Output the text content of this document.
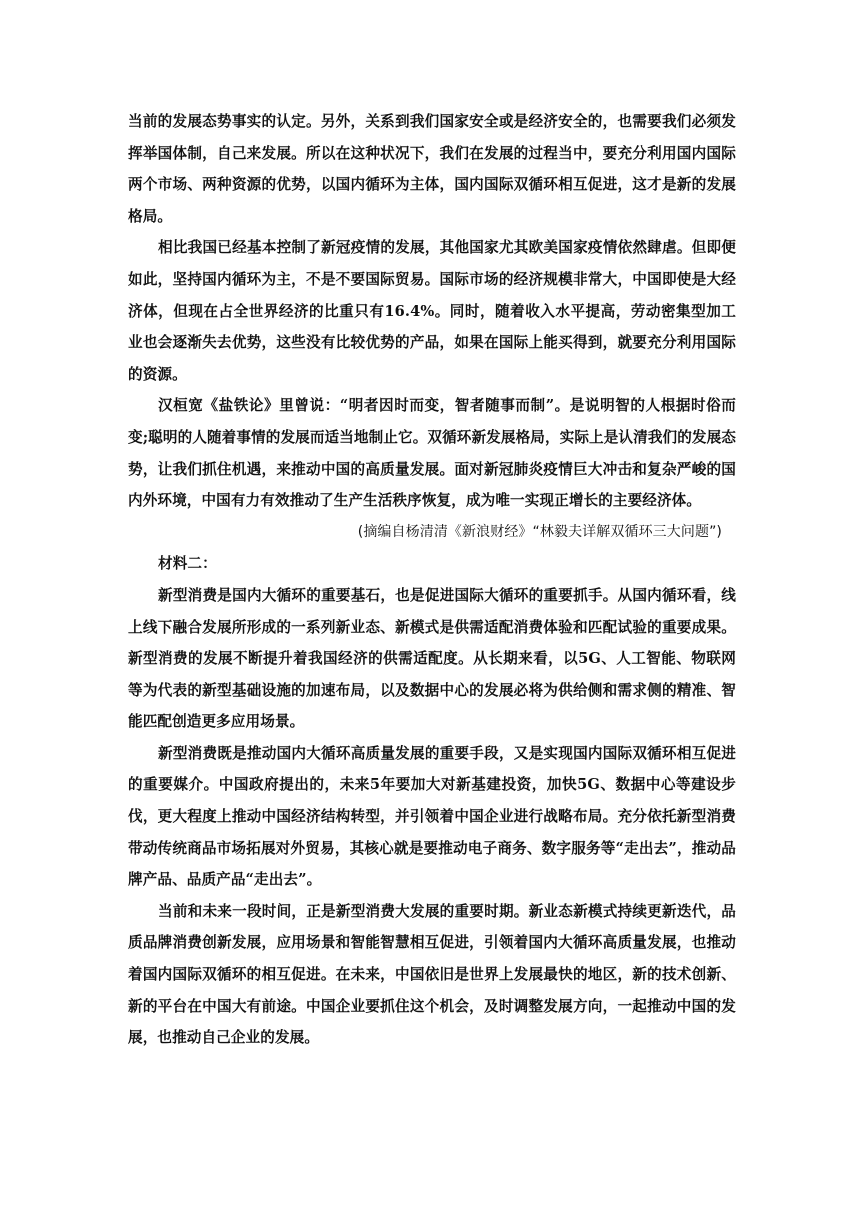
当前的发展态势事实的认定。另外，关系到我们国家安全或是经济安全的，也需要我们必须发挥举国体制，自己来发展。所以在这种状况下，我们在发展的过程当中，要充分利用国内国际两个市场、两种资源的优势，以国内循环为主体，国内国际双循环相互促进，这才是新的发展格局。

相比我国已经基本控制了新冠疫情的发展，其他国家尤其欧美国家疫情依然肆虐。但即便如此，坚持国内循环为主，不是不要国际贸易。国际市场的经济规模非常大，中国即使是大经济体，但现在占全世界经济的比重只有16.4%。同时，随着收入水平提高，劳动密集型加工业也会逐渐失去优势，这些没有比较优势的产品，如果在国际上能买得到，就要充分利用国际的资源。

汉桓宽《盐铁论》里曾说：“明者因时而变，智者随事而制”。是说明智的人根据时俗而变;聪明的人随着事情的发展而适当地制止它。双循环新发展格局，实际上是认清我们的发展态势，让我们抓住机遇，来推动中国的高质量发展。面对新冠肺炎疫情巨大冲击和复杂严峻的国内外环境，中国有力有效推动了生产生活秩序恢复，成为唯一实现正增长的主要经济体。

(摘编自杨清清《新浪财经》“林毅夫详解双循环三大问题”)

材料二：

新型消费是国内大循环的重要基石，也是促进国际大循环的重要抓手。从国内循环看，线上线下融合发展所形成的一系列新业态、新模式是供需适配消费体验和匹配试验的重要成果。新型消费的发展不断提升着我国经济的供需适配度。从长期来看，以5G、人工智能、物联网等为代表的新型基础设施的加速布局，以及数据中心的发展必将为供给侧和需求侧的精准、智能匹配创造更多应用场景。

新型消费既是推动国内大循环高质量发展的重要手段，又是实现国内国际双循环相互促进的重要媒介。中国政府提出的，未来5年要加大对新基建投资，加快5G、数据中心等建设步伐，更大程度上推动中国经济结构转型，并引领着中国企业进行战略布局。充分依托新型消费带动传统商品市场拓展对外贸易，其核心就是要推动电子商务、数字服务等“走出去”，推动品牌产品、品质产品“走出去”。

当前和未来一段时间，正是新型消费大发展的重要时期。新业态新模式持续更新迭代，品质品牌消费创新发展，应用场景和智能智慧相互促进，引领着国内大循环高质量发展，也推动着国内国际双循环的相互促进。在未来，中国依旧是世界上发展最快的地区，新的技术创新、新的平台在中国大有前途。中国企业要抓住这个机会，及时调整发展方向，一起推动中国的发展，也推动自己企业的发展。
